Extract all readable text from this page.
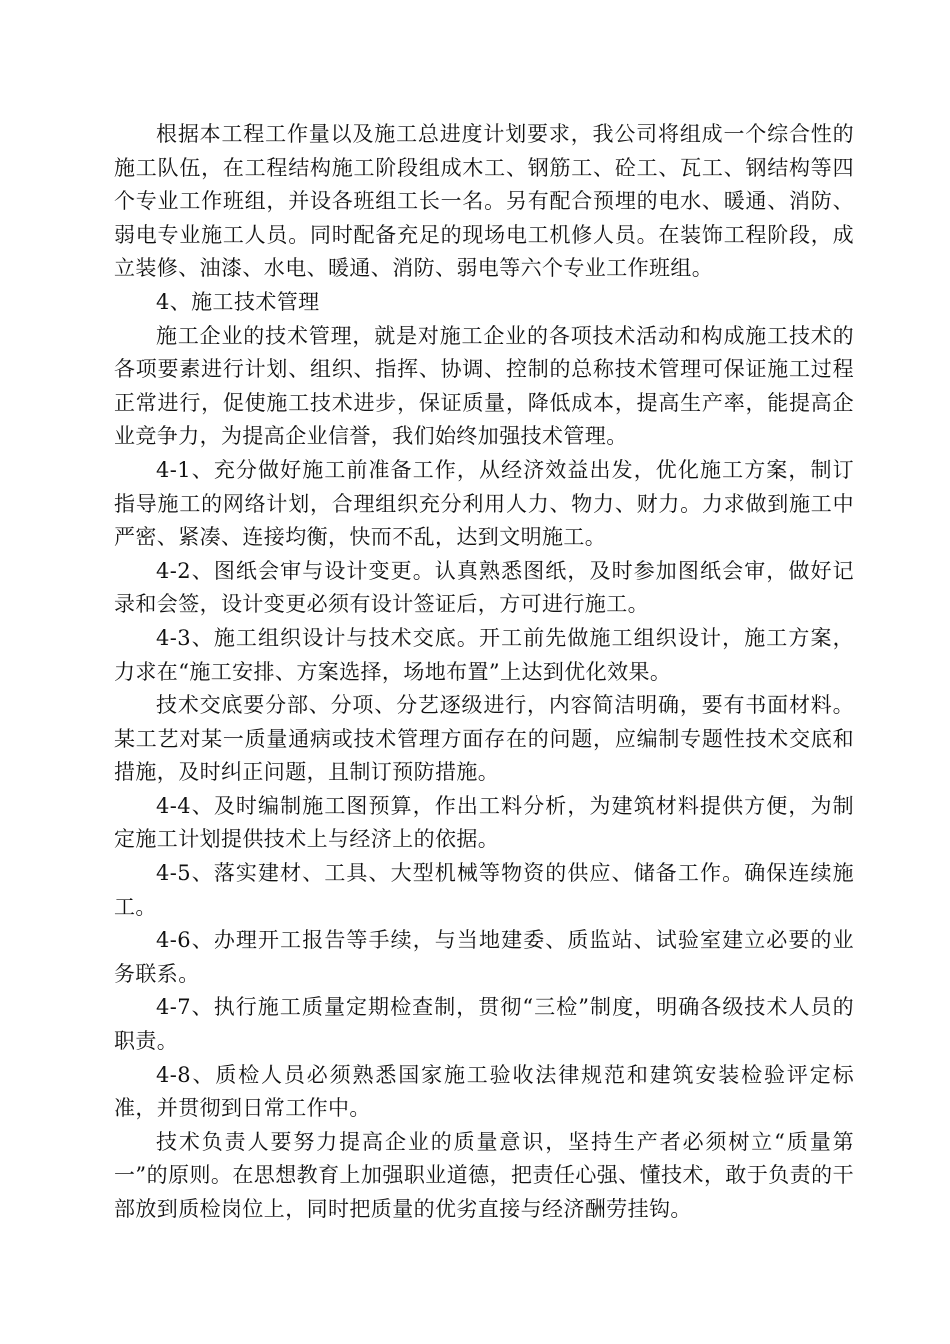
根据本工程工作量以及施工总进度计划要求，我公司将组成一个综合性的施工队伍，在工程结构施工阶段组成木工、钢筋工、砼工、瓦工、钢结构等四个专业工作班组，并设各班组工长一名。另有配合预埋的电水、暖通、消防、弱电专业施工人员。同时配备充足的现场电工机修人员。在装饰工程阶段，成立装修、油漆、水电、暖通、消防、弱电等六个专业工作班组。

4、施工技术管理

施工企业的技术管理，就是对施工企业的各项技术活动和构成施工技术的各项要素进行计划、组织、指挥、协调、控制的总称技术管理可保证施工过程正常进行，促使施工技术进步，保证质量，降低成本，提高生产率，能提高企业竞争力，为提高企业信誉，我们始终加强技术管理。

4-1、充分做好施工前准备工作，从经济效益出发，优化施工方案，制订指导施工的网络计划，合理组织充分利用人力、物力、财力。力求做到施工中严密、紧凑、连接均衡，快而不乱，达到文明施工。

4-2、图纸会审与设计变更。认真熟悉图纸，及时参加图纸会审，做好记录和会签，设计变更必须有设计签证后，方可进行施工。

4-3、施工组织设计与技术交底。开工前先做施工组织设计，施工方案，力求在“施工安排、方案选择，场地布置”上达到优化效果。

技术交底要分部、分项、分艺逐级进行，内容简洁明确，要有书面材料。某工艺对某一质量通病或技术管理方面存在的问题，应编制专题性技术交底和措施，及时纠正问题，且制订预防措施。

4-4、及时编制施工图预算，作出工料分析，为建筑材料提供方便，为制定施工计划提供技术上与经济上的依据。

4-5、落实建材、工具、大型机械等物资的供应、储备工作。确保连续施工。

4-6、办理开工报告等手续，与当地建委、质监站、试验室建立必要的业务联系。

4-7、执行施工质量定期检查制，贯彻“三检”制度，明确各级技术人员的职责。

4-8、质检人员必须熟悉国家施工验收法律规范和建筑安装检验评定标准，并贯彻到日常工作中。

技术负责人要努力提高企业的质量意识，坚持生产者必须树立“质量第一”的原则。在思想教育上加强职业道德，把责任心强、懂技术，敢于负责的干部放到质检岗位上，同时把质量的优劣直接与经济酬劳挂钩。
